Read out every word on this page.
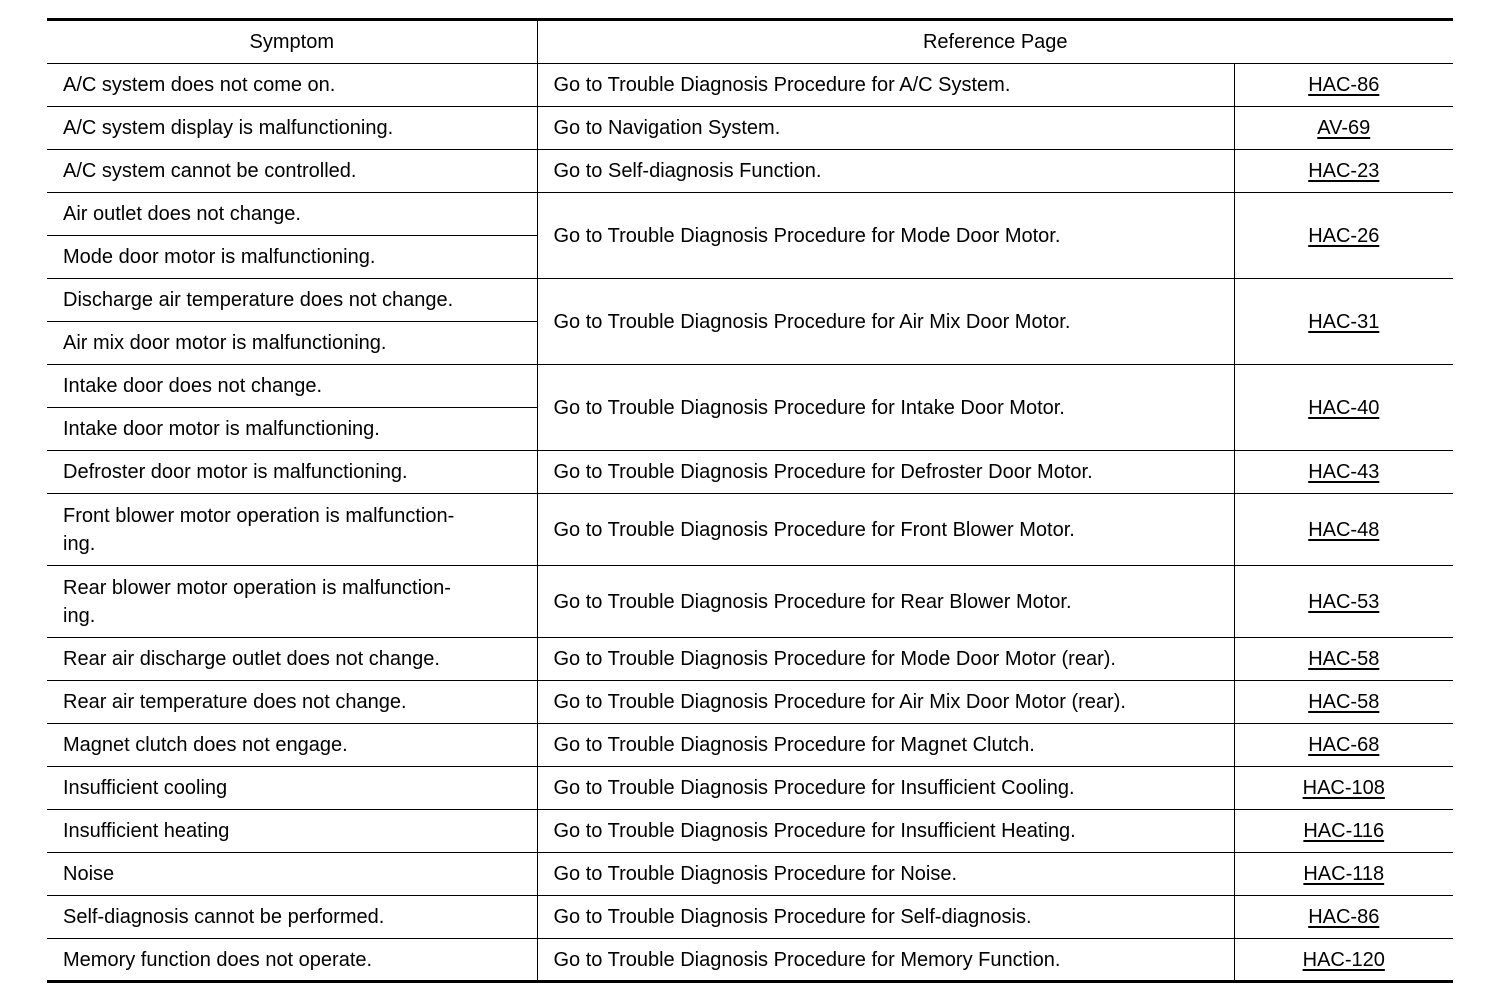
Symptom	Reference Page	
A/C system does not come on.	Go to Trouble Diagnosis Procedure for A/C System.	HAC-86
A/C system display is malfunctioning.	Go to Navigation System.	AV-69
A/C system cannot be controlled.	Go to Self-diagnosis Function.	HAC-23
Air outlet does not change.	Go to Trouble Diagnosis Procedure for Mode Door Motor.	HAC-26
Mode door motor is malfunctioning.		
Discharge air temperature does not change.	Go to Trouble Diagnosis Procedure for Air Mix Door Motor.	HAC-31
Air mix door motor is malfunctioning.		
Intake door does not change.	Go to Trouble Diagnosis Procedure for Intake Door Motor.	HAC-40
Intake door motor is malfunctioning.		
Defroster door motor is malfunctioning.	Go to Trouble Diagnosis Procedure for Defroster Door Motor.	HAC-43
Front blower motor operation is malfunction-
ing.	Go to Trouble Diagnosis Procedure for Front Blower Motor.	HAC-48
Rear blower motor operation is malfunction-
ing.	Go to Trouble Diagnosis Procedure for Rear Blower Motor.	HAC-53
Rear air discharge outlet does not change.	Go to Trouble Diagnosis Procedure for Mode Door Motor (rear).	HAC-58
Rear air temperature does not change.	Go to Trouble Diagnosis Procedure for Air Mix Door Motor (rear).	HAC-58
Magnet clutch does not engage.	Go to Trouble Diagnosis Procedure for Magnet Clutch.	HAC-68
Insufficient cooling	Go to Trouble Diagnosis Procedure for Insufficient Cooling.	HAC-108
Insufficient heating	Go to Trouble Diagnosis Procedure for Insufficient Heating.	HAC-116
Noise	Go to Trouble Diagnosis Procedure for Noise.	HAC-118
Self-diagnosis cannot be performed.	Go to Trouble Diagnosis Procedure for Self-diagnosis.	HAC-86
Memory function does not operate.	Go to Trouble Diagnosis Procedure for Memory Function.	HAC-120
